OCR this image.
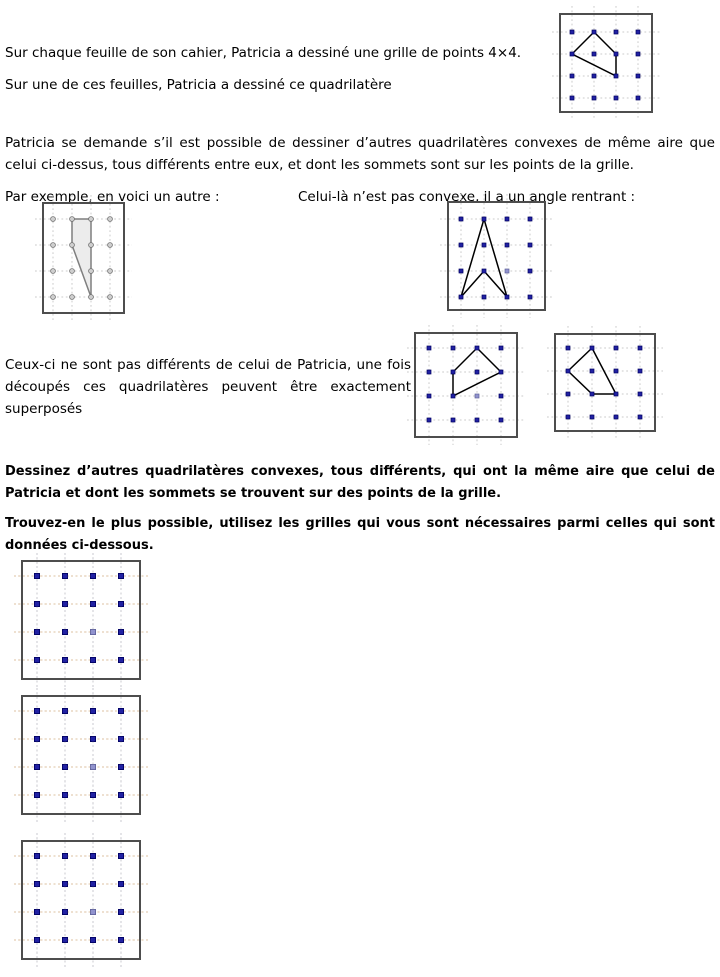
Sur chaque feuille de son cahier, Patricia a dessiné une grille de points 4×4.

Sur une de ces feuilles, Patricia a dessiné ce quadrilatère

Patricia se demande s’il est possible de dessiner d’autres quadrilatères convexes de même aire que celui ci-dessus, tous différents entre eux, et dont les sommets sont sur les points de la grille.

Par exemple, en voici un autre :	Celui-là n’est pas convexe, il a un angle rentrant :

Ceux-ci ne sont pas différents de celui de Patricia, une fois découpés ces quadrilatères peuvent être exactement superposés

Dessinez d’autres quadrilatères convexes, tous différents, qui ont la même aire que celui de Patricia et dont les sommets se trouvent sur des points de la grille.

Trouvez-en le plus possible, utilisez les grilles qui vous sont nécessaires parmi celles qui sont données ci-dessous.
